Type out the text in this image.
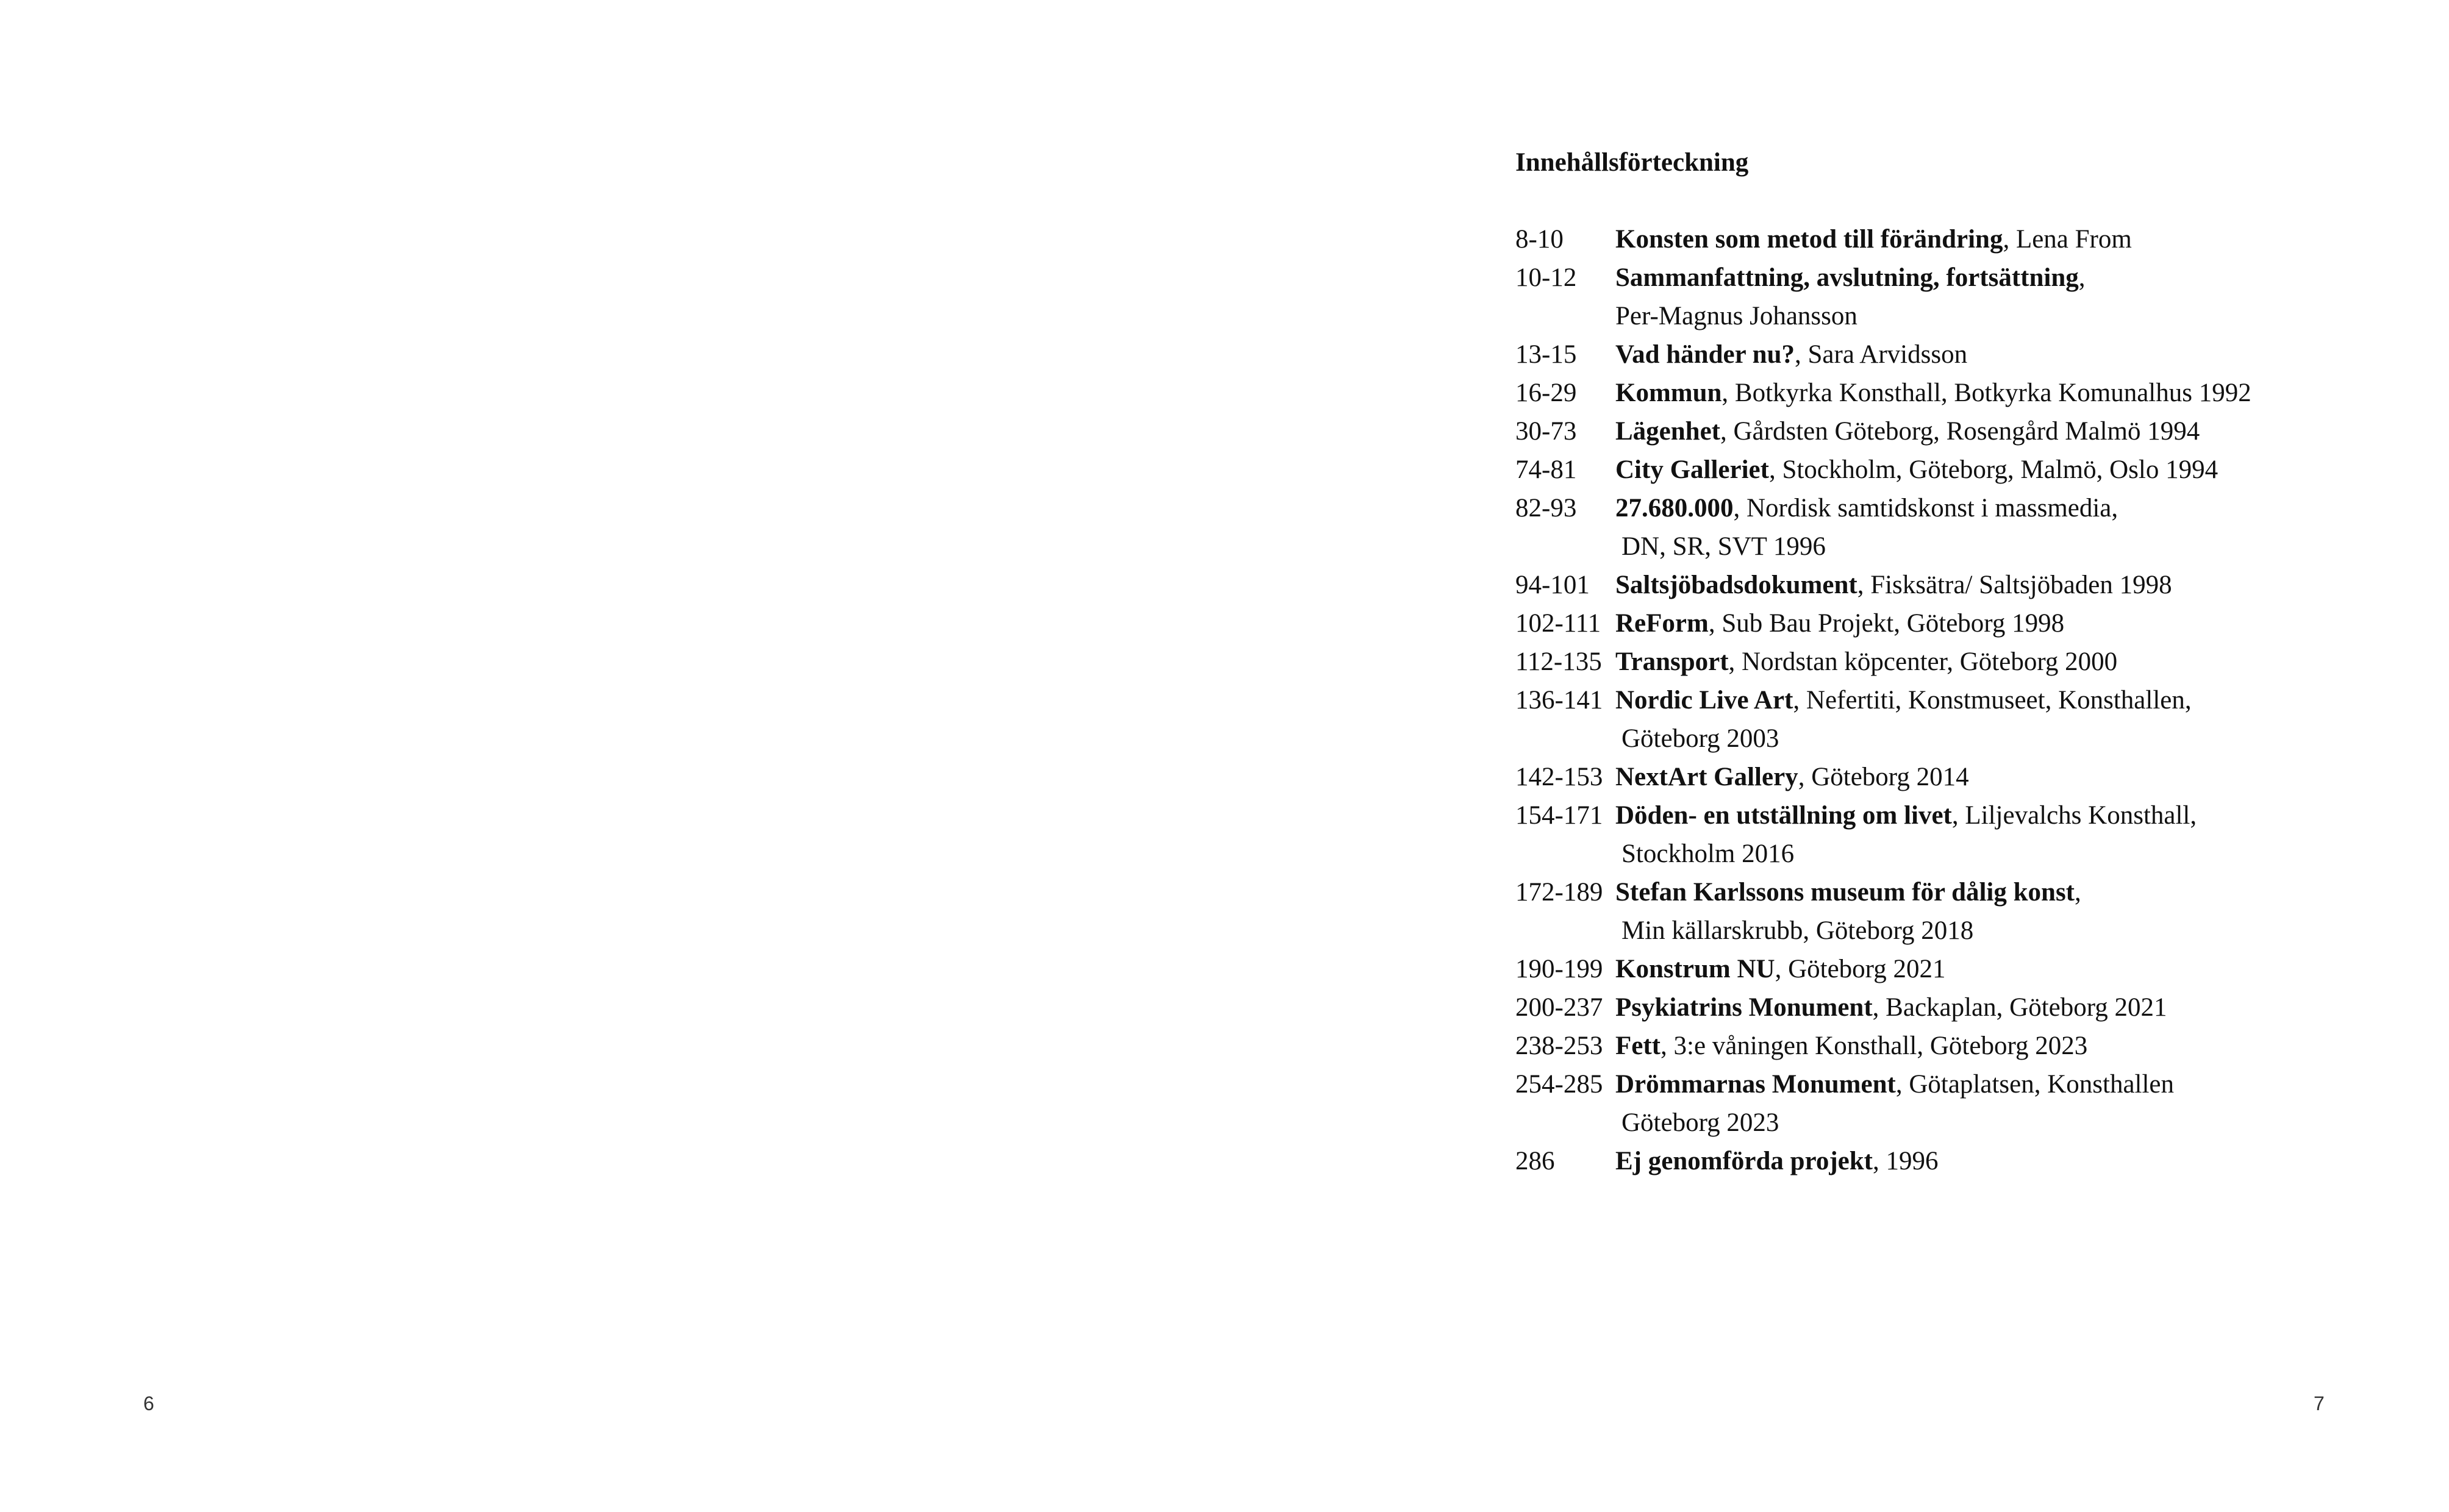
6
Innehållsförteckning
8-10	Konsten som metod till förändring, Lena From
10-12	Sammanfattning, avslutning, fortsättning,
Per-Magnus Johansson
13-15	Vad händer nu?, Sara Arvidsson
16-29	Kommun, Botkyrka Konsthall, Botkyrka Komunalhus 1992
30-73	Lägenhet, Gårdsten Göteborg, Rosengård Malmö 1994
74-81	City Galleriet, Stockholm, Göteborg, Malmö, Oslo 1994
82-93	27.680.000, Nordisk samtidskonst i massmedia,
DN, SR, SVT 1996
94-101 Saltsjöbadsdokument, Fisksätra/ Saltsjöbaden 1998
102-111 ReForm, Sub Bau Projekt, Göteborg 1998
112-135 Transport, Nordstan köpcenter, Göteborg 2000
136-141 Nordic Live Art, Nefertiti, Konstmuseet, Konsthallen,
Göteborg 2003
142-153 NextArt Gallery, Göteborg 2014
154-171 Döden- en utställning om livet, Liljevalchs Konsthall,
Stockholm 2016
172-189 Stefan Karlssons museum för dålig konst,
Min källarskrubb, Göteborg 2018
190-199 Konstrum NU, Göteborg 2021
200-237 Psykiatrins Monument, Backaplan, Göteborg 2021
238-253 Fett, 3:e våningen Konsthall, Göteborg 2023
254-285 Drömmarnas Monument, Götaplatsen, Konsthallen
Göteborg 2023
286	Ej genomförda projekt, 1996
7
